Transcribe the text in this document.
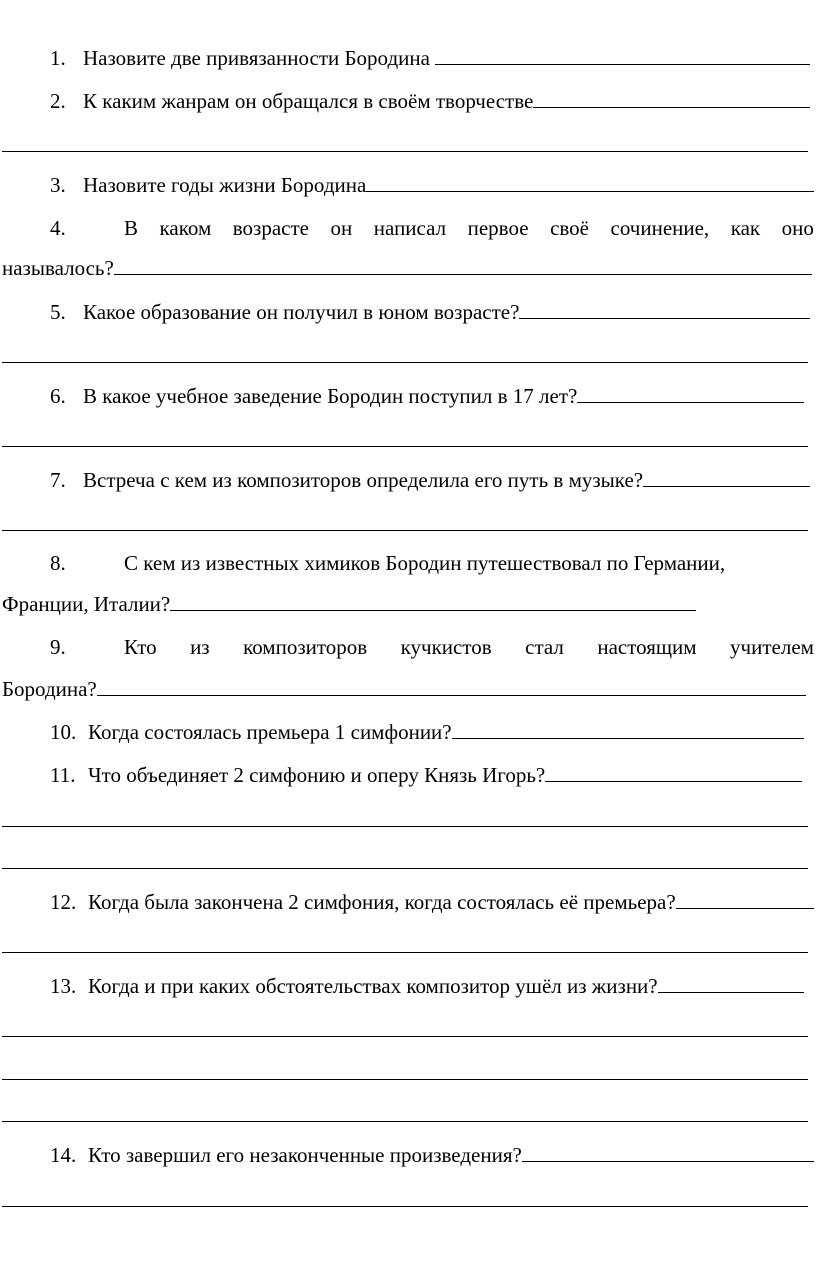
1. Назовите две привязанности Бородина
2. К каким жанрам он обращался в своём творчестве
3. Назовите годы жизни Бородина
4.	В каком возрасте он написал первое своё сочинение, как оно
называлось?
5. Какое образование он получил в юном возрасте?
6. В какое учебное заведение Бородин поступил в 17 лет?
7. Встреча с кем из композиторов определила его путь в музыке?
8.	С кем из известных химиков Бородин путешествовал по Германии,
Франции, Италии?
9.	Кто из композиторов кучкистов стал настоящим учителем
Бородина?
10. Когда состоялась премьера 1 симфонии?
11. Что объединяет 2 симфонию и оперу Князь Игорь?
12. Когда была закончена 2 симфония, когда состоялась её премьера?
13. Когда и при каких обстоятельствах композитор ушёл из жизни?
14. Кто завершил его незаконченные произведения?
